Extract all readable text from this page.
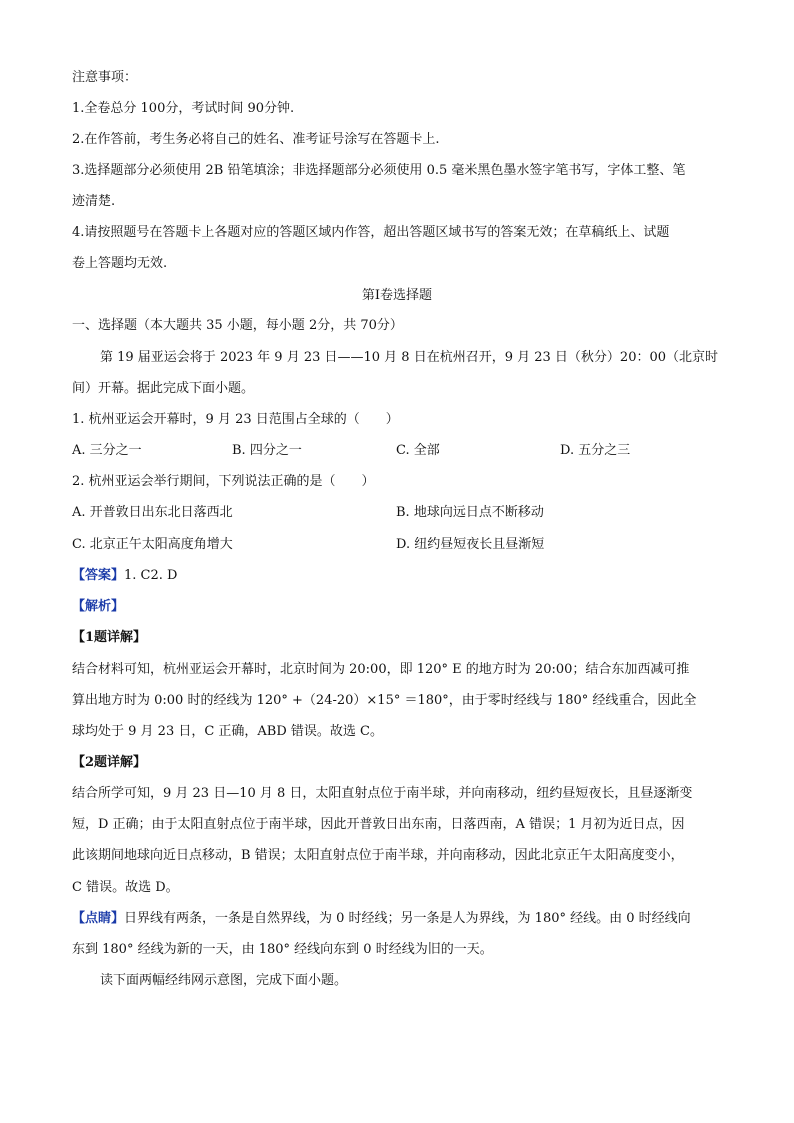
注意事项：
1.全卷总分 100分，考试时间 90分钟.
2.在作答前，考生务必将自己的姓名、准考证号涂写在答题卡上.
3.选择题部分必须使用 2B 铅笔填涂；非选择题部分必须使用 0.5 毫米黑色墨水签字笔书写，字体工整、笔
迹清楚.
4.请按照题号在答题卡上各题对应的答题区域内作答，超出答题区域书写的答案无效；在草稿纸上、试题
卷上答题均无效.
第Ⅰ卷选择题
一、选择题（本大题共 35 小题，每小题 2分，共 70分）
第 19 届亚运会将于 2023 年 9 月 23 日——10 月 8 日在杭州召开，9 月 23 日（秋分）20：00（北京时
间）开幕。据此完成下面小题。
1. 杭州亚运会开幕时，9 月 23 日范围占全球的（　　）
A. 三分之一	B. 四分之一	C. 全部	D. 五分之三
2. 杭州亚运会举行期间，下列说法正确的是（　　）
A. 开普敦日出东北日落西北	B. 地球向远日点不断移动
C. 北京正午太阳高度角增大	D. 纽约昼短夜长且昼渐短
【答案】1. C2. D
【解析】
【1题详解】
结合材料可知，杭州亚运会开幕时，北京时间为 20:00，即 120° E 的地方时为 20:00；结合东加西减可推
算出地方时为 0:00 时的经线为 120° +（24-20）×15° ＝180°，由于零时经线与 180° 经线重合，因此全
球均处于 9 月 23 日，C 正确，ABD 错误。故选 C。
【2题详解】
结合所学可知，9 月 23 日—10 月 8 日，太阳直射点位于南半球，并向南移动，纽约昼短夜长，且昼逐渐变
短，D 正确；由于太阳直射点位于南半球，因此开普敦日出东南，日落西南，A 错误；1 月初为近日点，因
此该期间地球向近日点移动，B 错误；太阳直射点位于南半球，并向南移动，因此北京正午太阳高度变小，
C 错误。故选 D。
【点睛】日界线有两条，一条是自然界线，为 0 时经线；另一条是人为界线，为 180° 经线。由 0 时经线向
东到 180° 经线为新的一天，由 180° 经线向东到 0 时经线为旧的一天。
读下面两幅经纬网示意图，完成下面小题。
